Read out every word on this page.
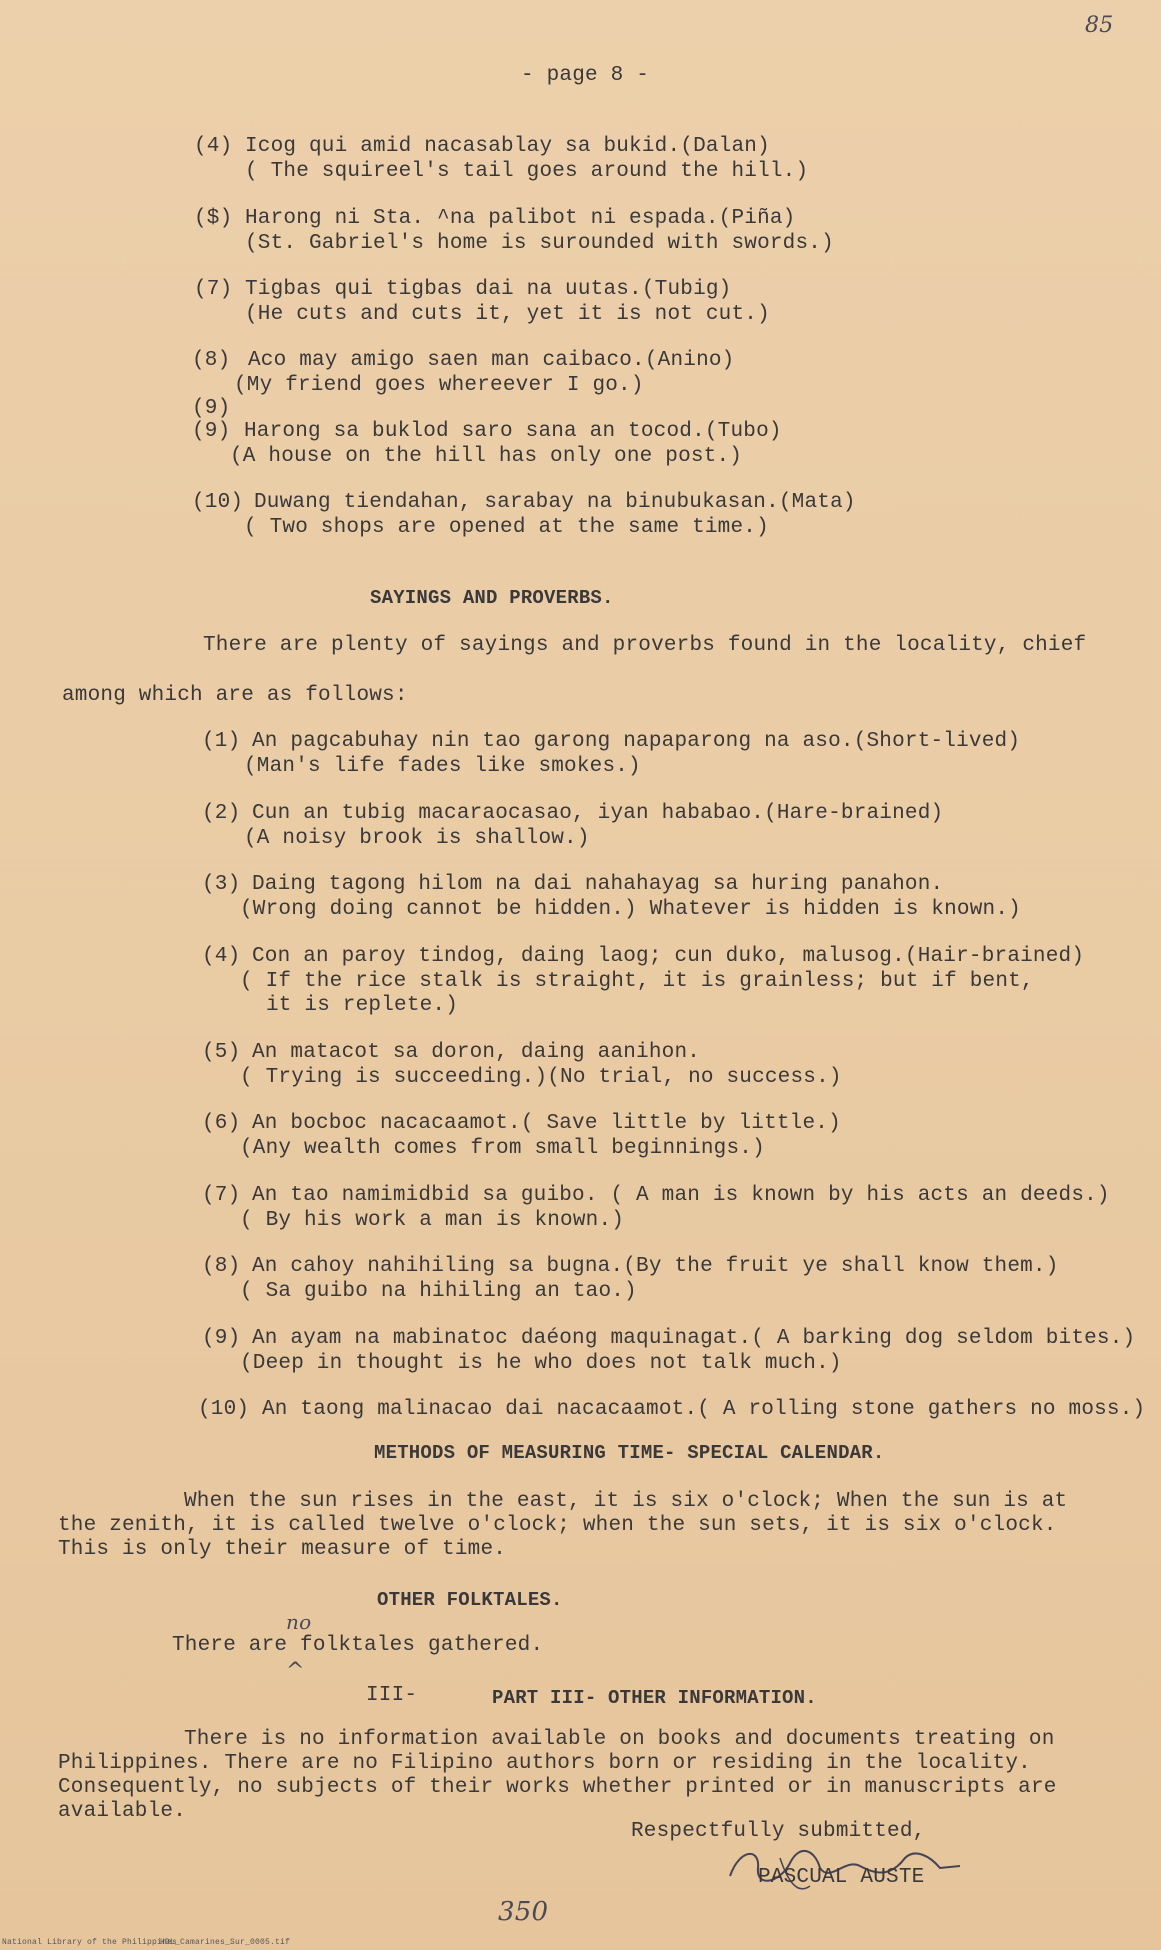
85
- page 8 -
(4) Icog qui amid nacasablay sa bukid.(Dalan)
( The squireel's tail goes around the hill.)
($) Harong ni Sta. ^na palibot ni espada.(Piña)
(St. Gabriel's home is surounded with swords.)
(7) Tigbas qui tigbas dai na uutas.(Tubig)
(He cuts and cuts it, yet it is not cut.)
(8) Aco may amigo saen man caibaco.(Anino)
(My friend goes whereever I go.)
(9)
(9) Harong sa buklod saro sana an tocod.(Tubo)
(A house on the hill has only one post.)
(10) Duwang tiendahan, sarabay na binubukasan.(Mata)
( Two shops are opened at the same time.)
SAYINGS AND PROVERBS.
There are plenty of sayings and proverbs found in the locality, chief
among which are as follows:
(1) An pagcabuhay nin tao garong napaparong na aso.(Short-lived)
(Man's life fades like smokes.)
(2) Cun an tubig macaraocasao, iyan hababao.(Hare-brained)
(A noisy brook is shallow.)
(3) Daing tagong hilom na dai nahahayag sa huring panahon.
(Wrong doing cannot be hidden.) Whatever is hidden is known.)
(4) Con an paroy tindog, daing laog; cun duko, malusog.(Hair-brained)
( If the rice stalk is straight, it is grainless; but if bent,
it is replete.)
(5) An matacot sa doron, daing aanihon.
( Trying is succeeding.)(No trial, no success.)
(6) An bocboc nacacaamot.( Save little by little.)
(Any wealth comes from small beginnings.)
(7) An tao namimidbid sa guibo. ( A man is known by his acts an deeds.)
( By his work a man is known.)
(8) An cahoy nahihiling sa bugna.(By the fruit ye shall know them.)
( Sa guibo na hihiling an tao.)
(9) An ayam na mabinatoc daéong maquinagat.( A barking dog seldom bites.)
(Deep in thought is he who does not talk much.)
(10) An taong malinacao dai nacacaamot.( A rolling stone gathers no moss.)
METHODS OF MEASURING TIME- SPECIAL CALENDAR.
When the sun rises in the east, it is six o'clock; When the sun is at
the zenith, it is called twelve o'clock; when the sun sets, it is six o'clock.
This is only their measure of time.
OTHER FOLKTALES.
no
There are folktales gathered.
^
III-	PART III- OTHER INFORMATION.
There is no information available on books and documents treating on
Philippines. There are no Filipino authors born or residing in the locality.
Consequently, no subjects of their works whether printed or in manuscripts are
available.
Respectfully submitted,
PASCUAL AUSTE
350
National Library of the Philippines
HDL_Camarines_Sur_0005.tif
